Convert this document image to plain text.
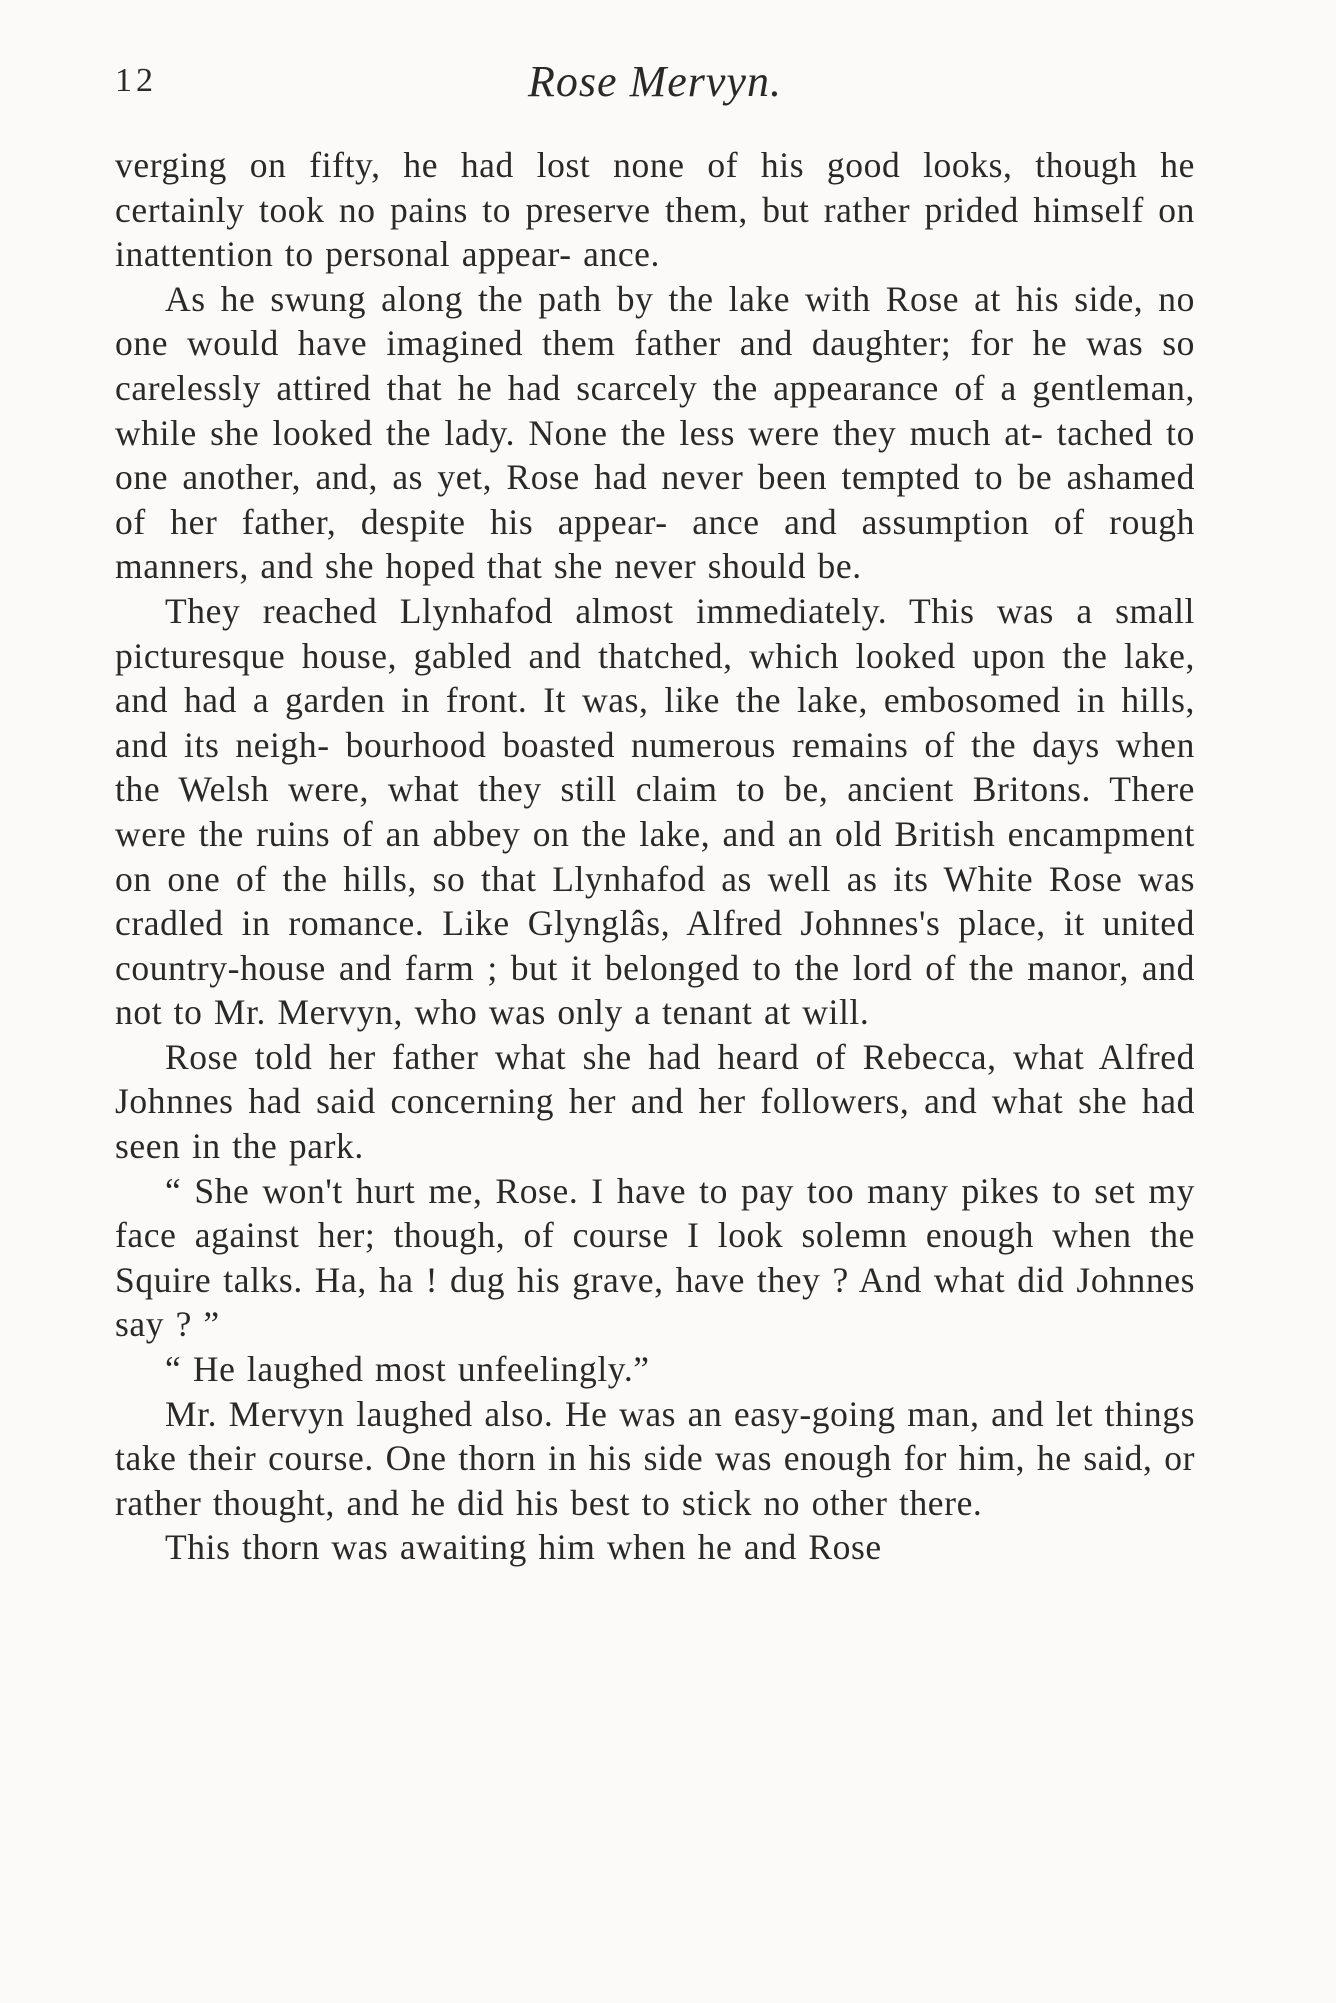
12	Rose Mervyn.

verging on fifty, he had lost none of his good looks, though he certainly took no pains to preserve them, but rather prided himself on inattention to personal appear- ance.

As he swung along the path by the lake with Rose at his side, no one would have imagined them father and daughter; for he was so carelessly attired that he had scarcely the appearance of a gentleman, while she looked the lady. None the less were they much at- tached to one another, and, as yet, Rose had never been tempted to be ashamed of her father, despite his appear- ance and assumption of rough manners, and she hoped that she never should be.

They reached Llynhafod almost immediately. This was a small picturesque house, gabled and thatched, which looked upon the lake, and had a garden in front. It was, like the lake, embosomed in hills, and its neigh- bourhood boasted numerous remains of the days when the Welsh were, what they still claim to be, ancient Britons. There were the ruins of an abbey on the lake, and an old British encampment on one of the hills, so that Llynhafod as well as its White Rose was cradled in romance. Like Glynglâs, Alfred Johnnes's place, it united country-house and farm ; but it belonged to the lord of the manor, and not to Mr. Mervyn, who was only a tenant at will.

Rose told her father what she had heard of Rebecca, what Alfred Johnnes had said concerning her and her followers, and what she had seen in the park.

“ She won't hurt me, Rose. I have to pay too many pikes to set my face against her; though, of course I look solemn enough when the Squire talks. Ha, ha ! dug his grave, have they ? And what did Johnnes say ? ”

“ He laughed most unfeelingly.”

Mr. Mervyn laughed also. He was an easy-going man, and let things take their course. One thorn in his side was enough for him, he said, or rather thought, and he did his best to stick no other there.

This thorn was awaiting him when he and Rose
